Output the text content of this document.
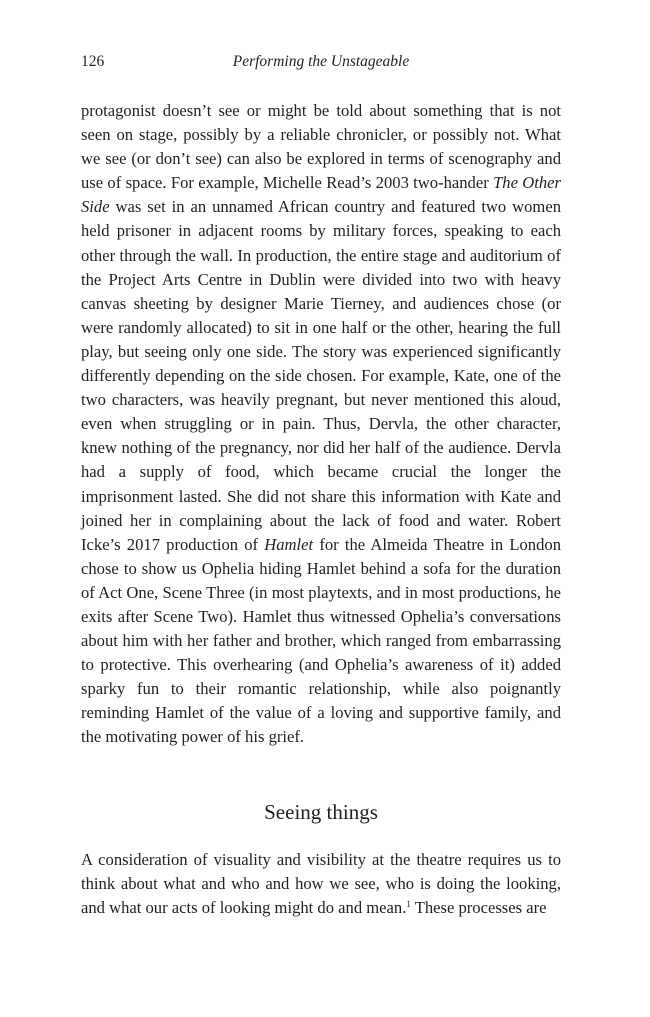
126	Performing the Unstageable

protagonist doesn’t see or might be told about something that is not seen on stage, possibly by a reliable chronicler, or possibly not. What we see (or don’t see) can also be explored in terms of scenography and use of space. For example, Michelle Read’s 2003 two-hander The Other Side was set in an unnamed African country and featured two women held prisoner in adjacent rooms by military forces, speaking to each other through the wall. In production, the entire stage and auditorium of the Project Arts Centre in Dublin were divided into two with heavy canvas sheeting by designer Marie Tierney, and audiences chose (or were randomly allocated) to sit in one half or the other, hearing the full play, but seeing only one side. The story was experienced significantly differently depending on the side chosen. For example, Kate, one of the two characters, was heavily pregnant, but never mentioned this aloud, even when struggling or in pain. Thus, Dervla, the other character, knew nothing of the pregnancy, nor did her half of the audience. Dervla had a supply of food, which became crucial the longer the imprisonment lasted. She did not share this information with Kate and joined her in complaining about the lack of food and water. Robert Icke’s 2017 production of Hamlet for the Almeida Theatre in London chose to show us Ophelia hiding Hamlet behind a sofa for the duration of Act One, Scene Three (in most playtexts, and in most productions, he exits after Scene Two). Hamlet thus witnessed Ophelia’s conversations about him with her father and brother, which ranged from embarrassing to protective. This overhearing (and Ophelia’s awareness of it) added sparky fun to their romantic relationship, while also poignantly reminding Hamlet of the value of a loving and supportive family, and the motivating power of his grief.

Seeing things

A consideration of visuality and visibility at the theatre requires us to think about what and who and how we see, who is doing the looking, and what our acts of looking might do and mean.$^1$ These processes are
